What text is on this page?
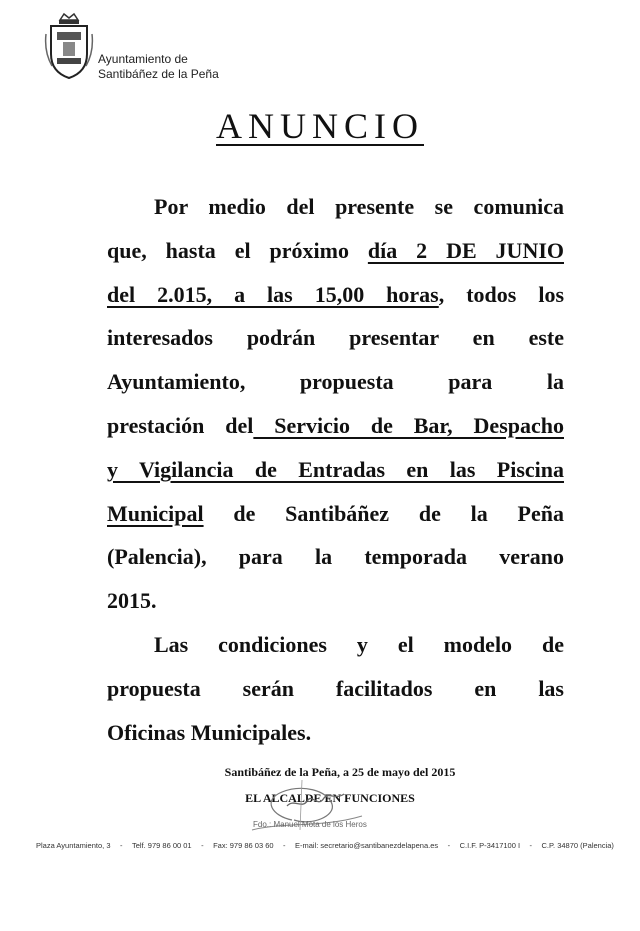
Ayuntamiento de
Santibáñez de la Peña
ANUNCIO
Por medio del presente se comunica
que, hasta el próximo día 2 DE JUNIO
del 2.015, a las 15,00 horas, todos los
interesados podrán presentar en este
Ayuntamiento, propuesta para la
prestación del Servicio de Bar, Despacho
y Vigilancia de Entradas en las Piscina
Municipal de Santibáñez de la Peña
(Palencia), para la temporada verano
2015.
Las condiciones y el modelo de
propuesta serán facilitados en las
Oficinas Municipales.
Santibáñez de la Peña, a 25 de mayo del 2015
EL ALCALDE EN FUNCIONES
Fdo.: Manuel Mota de los Heros
Plaza Ayuntamiento, 3 - Telf. 979 86 00 01 - Fax: 979 86 03 60 - E-mail: secretario@santibanezdelapena.es - C.I.F. P-3417100 I - C.P. 34870 (Palencia)
